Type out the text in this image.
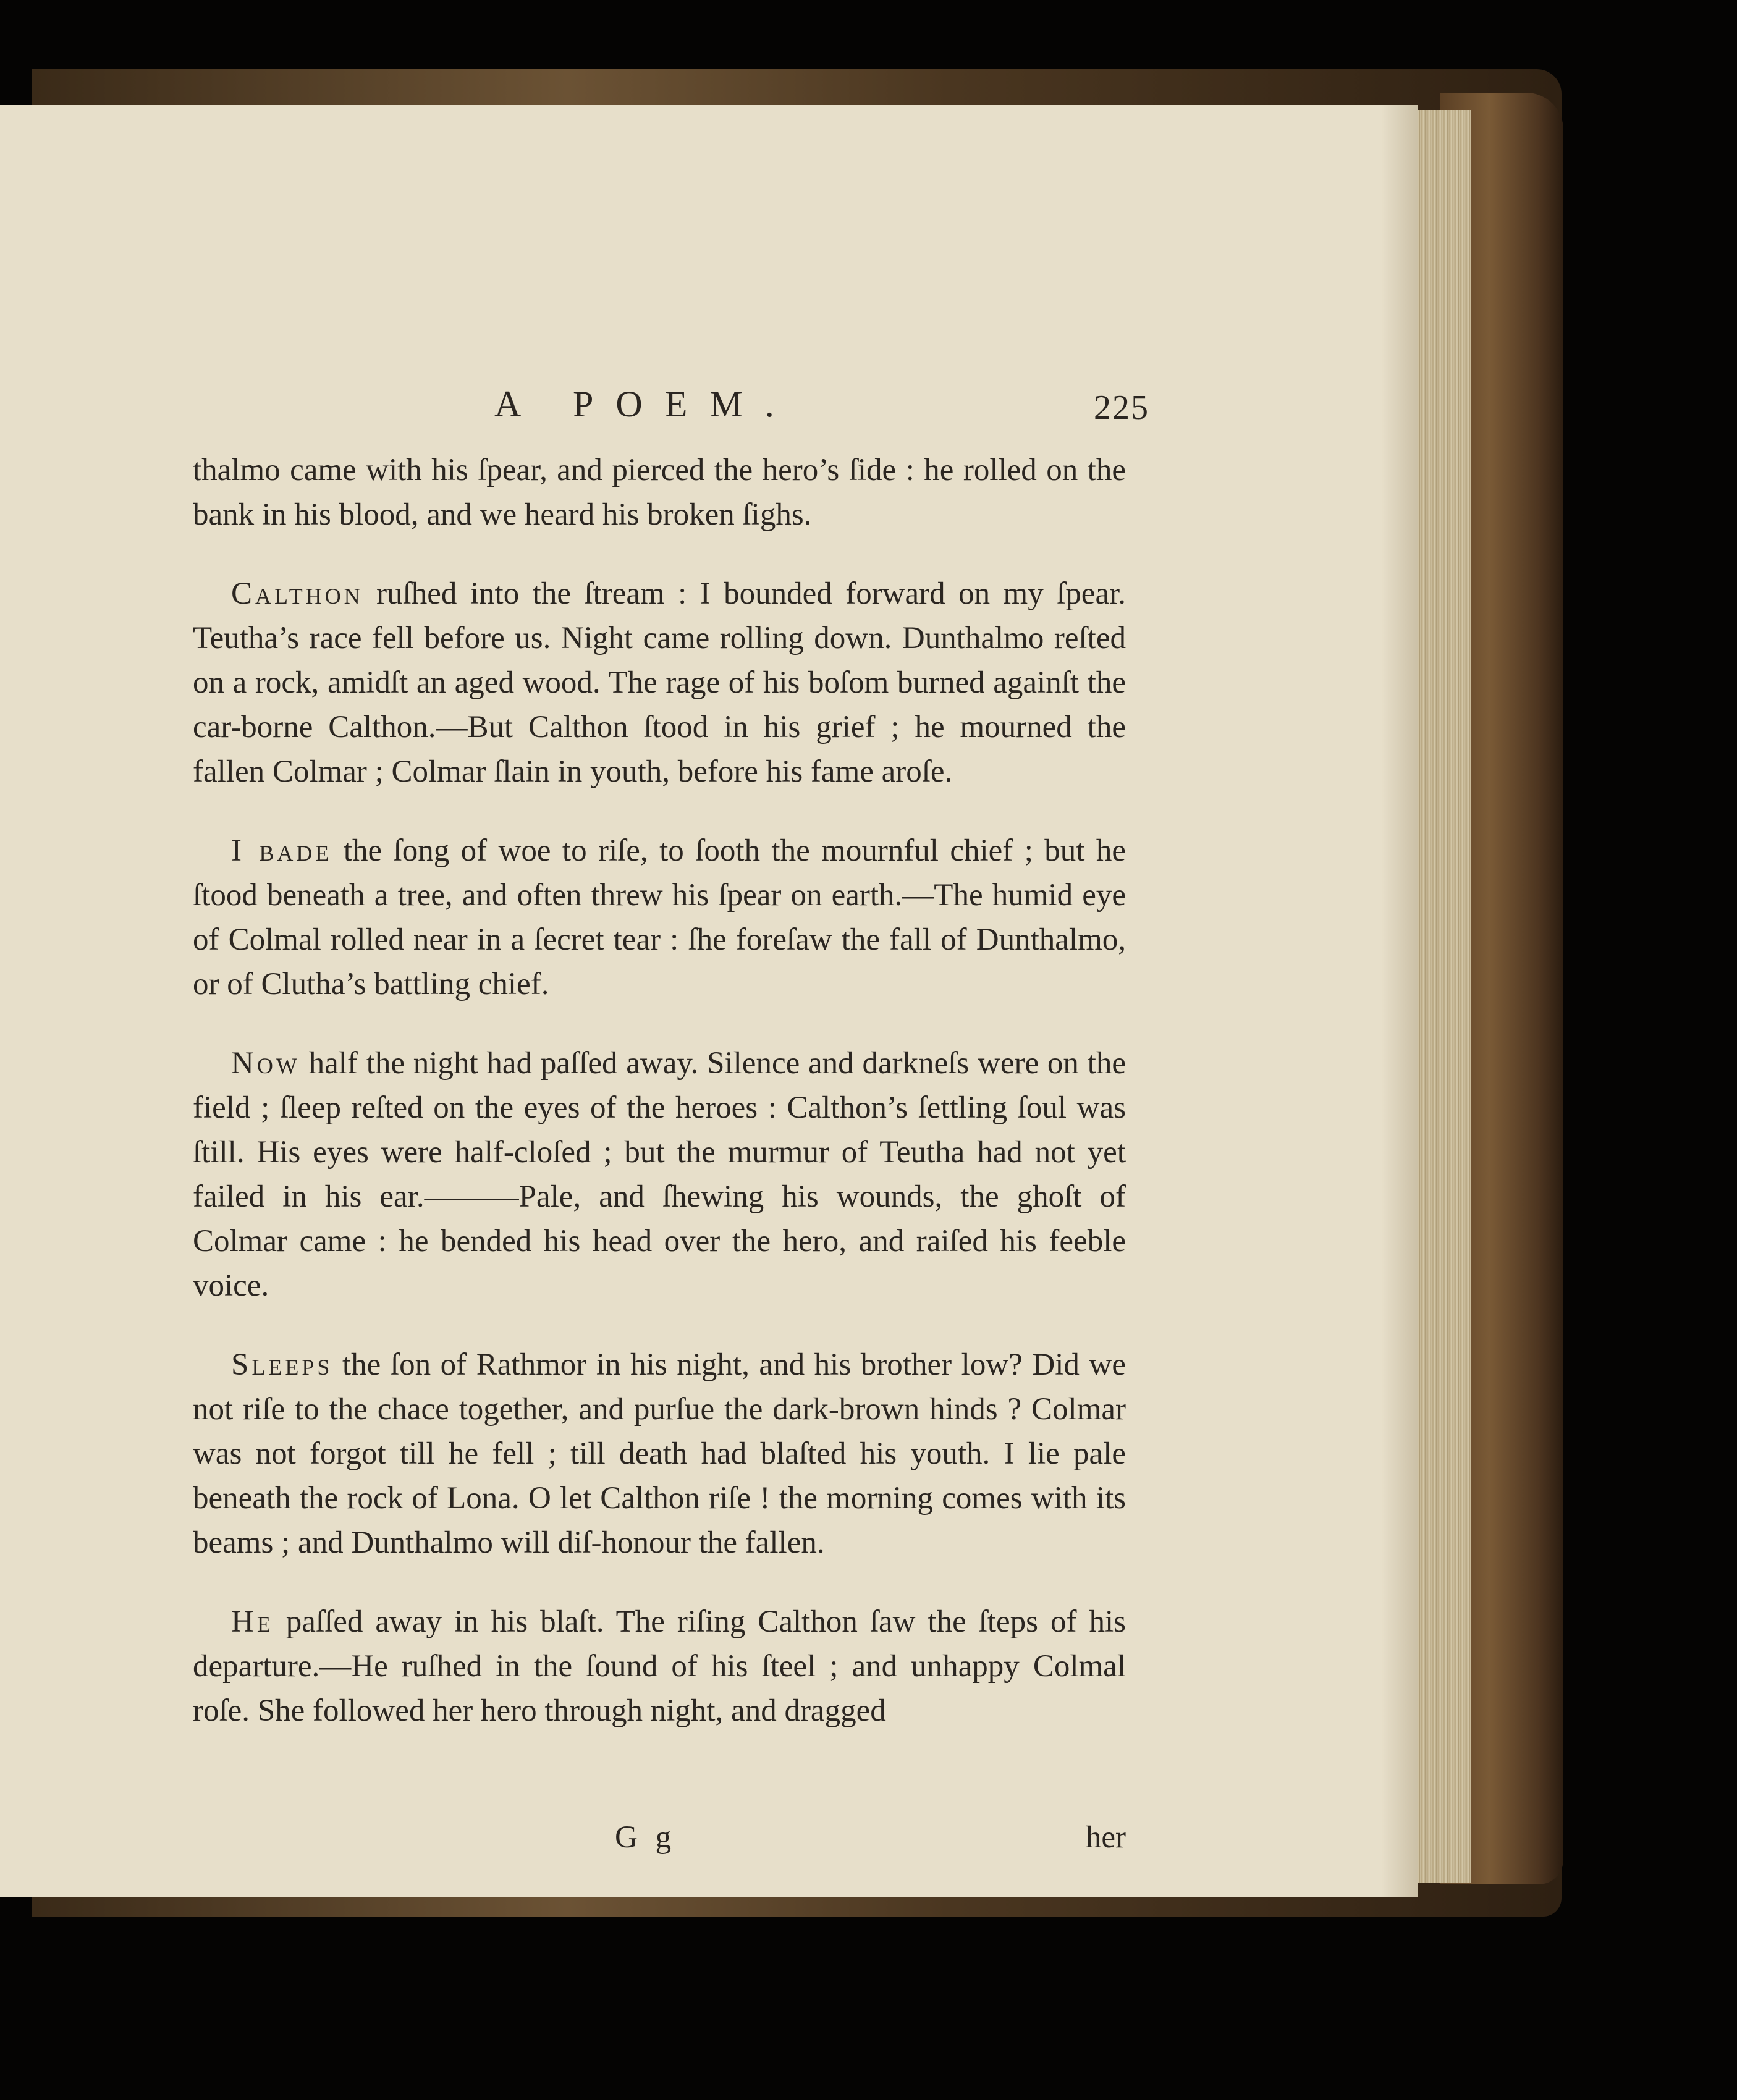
A POEM.	225

thalmo came with his ſpear, and pierced the hero’s ſide : he rolled on the bank in his blood, and we heard his broken ſighs.

Calthon ruſhed into the ſtream : I bounded forward on my ſpear. Teutha’s race fell before us. Night came rolling down. Dunthalmo reſted on a rock, amidſt an aged wood. The rage of his boſom burned againſt the car-borne Calthon.—But Calthon ſtood in his grief ; he mourned the fallen Colmar ; Colmar ſlain in youth, before his fame aroſe.

I bade the ſong of woe to riſe, to ſooth the mournful chief ; but he ſtood beneath a tree, and often threw his ſpear on earth.—The humid eye of Colmal rolled near in a ſecret tear : ſhe foreſaw the fall of Dunthalmo, or of Clutha’s battling chief.

Now half the night had paſſed away. Silence and darkneſs were on the field ; ſleep reſted on the eyes of the heroes : Calthon’s ſettling ſoul was ſtill. His eyes were half-cloſed ; but the murmur of Teutha had not yet failed in his ear.———Pale, and ſhewing his wounds, the ghoſt of Colmar came : he bended his head over the hero, and raiſed his feeble voice.

Sleeps the ſon of Rathmor in his night, and his brother low? Did we not riſe to the chace together, and purſue the dark-brown hinds ? Colmar was not forgot till he fell ; till death had blaſted his youth. I lie pale beneath the rock of Lona. O let Calthon riſe ! the morning comes with its beams ; and Dunthalmo will diſ-honour the fallen.

He paſſed away in his blaſt. The riſing Calthon ſaw the ſteps of his departure.—He ruſhed in the ſound of his ſteel ; and unhappy Colmal roſe. She followed her hero through night, and dragged

G g	her
